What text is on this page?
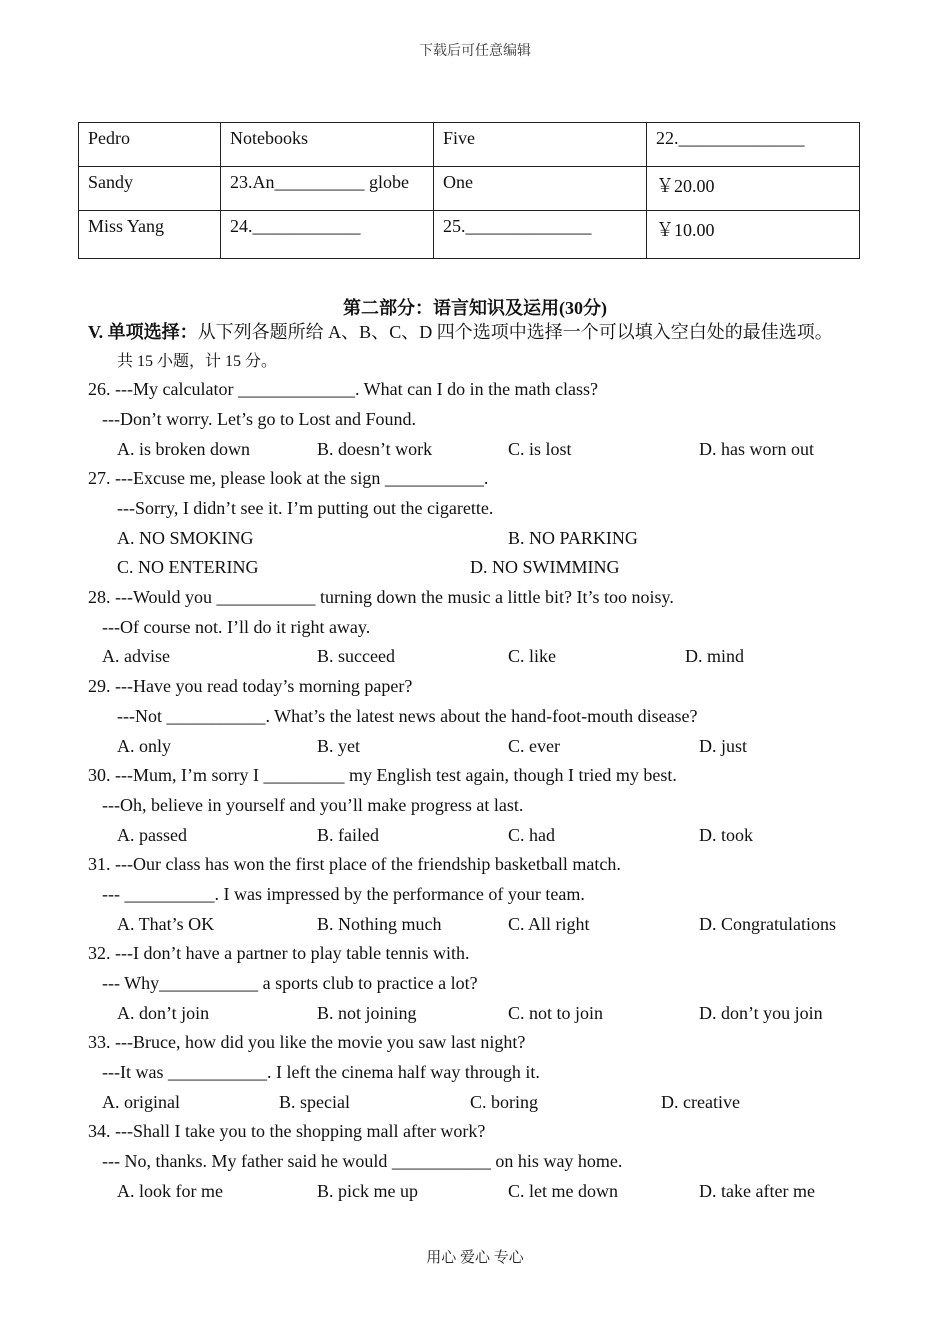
下载后可任意编辑
Pedro	Notebooks	Five	22.______________
Sandy	23.An__________ globe	One	￥20.00
Miss Yang	24.____________	25.______________	￥10.00
第二部分：语言知识及运用(30分)
V. 单项选择：从下列各题所给 A、B、C、D 四个选项中选择一个可以填入空白处的最佳选项。
共 15 小题，计 15 分。
26. ---My calculator _____________. What can I do in the math class?
---Don’t worry. Let’s go to Lost and Found.
A. is broken down	B. doesn’t work	C. is lost	D. has worn out
27. ---Excuse me, please look at the sign ___________.
---Sorry, I didn’t see it. I’m putting out the cigarette.
A. NO SMOKING	B. NO PARKING
C. NO ENTERING	D. NO SWIMMING
28. ---Would you ___________ turning down the music a little bit? It’s too noisy.
---Of course not. I’ll do it right away.
A. advise	B. succeed	C. like	D. mind
29. ---Have you read today’s morning paper?
---Not ___________. What’s the latest news about the hand-foot-mouth disease?
A. only	B. yet	C. ever	D. just
30. ---Mum, I’m sorry I _________ my English test again, though I tried my best.
---Oh, believe in yourself and you’ll make progress at last.
A. passed	B. failed	C. had	D. took
31. ---Our class has won the first place of the friendship basketball match.
--- __________. I was impressed by the performance of your team.
A. That’s OK	B. Nothing much	C. All right	D. Congratulations
32. ---I don’t have a partner to play table tennis with.
--- Why___________ a sports club to practice a lot?
A. don’t join	B. not joining	C. not to join	D. don’t you join
33. ---Bruce, how did you like the movie you saw last night?
---It was ___________. I left the cinema half way through it.
A. original	B. special	C. boring	D. creative
34. ---Shall I take you to the shopping mall after work?
--- No, thanks. My father said he would ___________ on his way home.
A. look for me	B. pick me up	C. let me down	D. take after me
用心 爱心 专心
